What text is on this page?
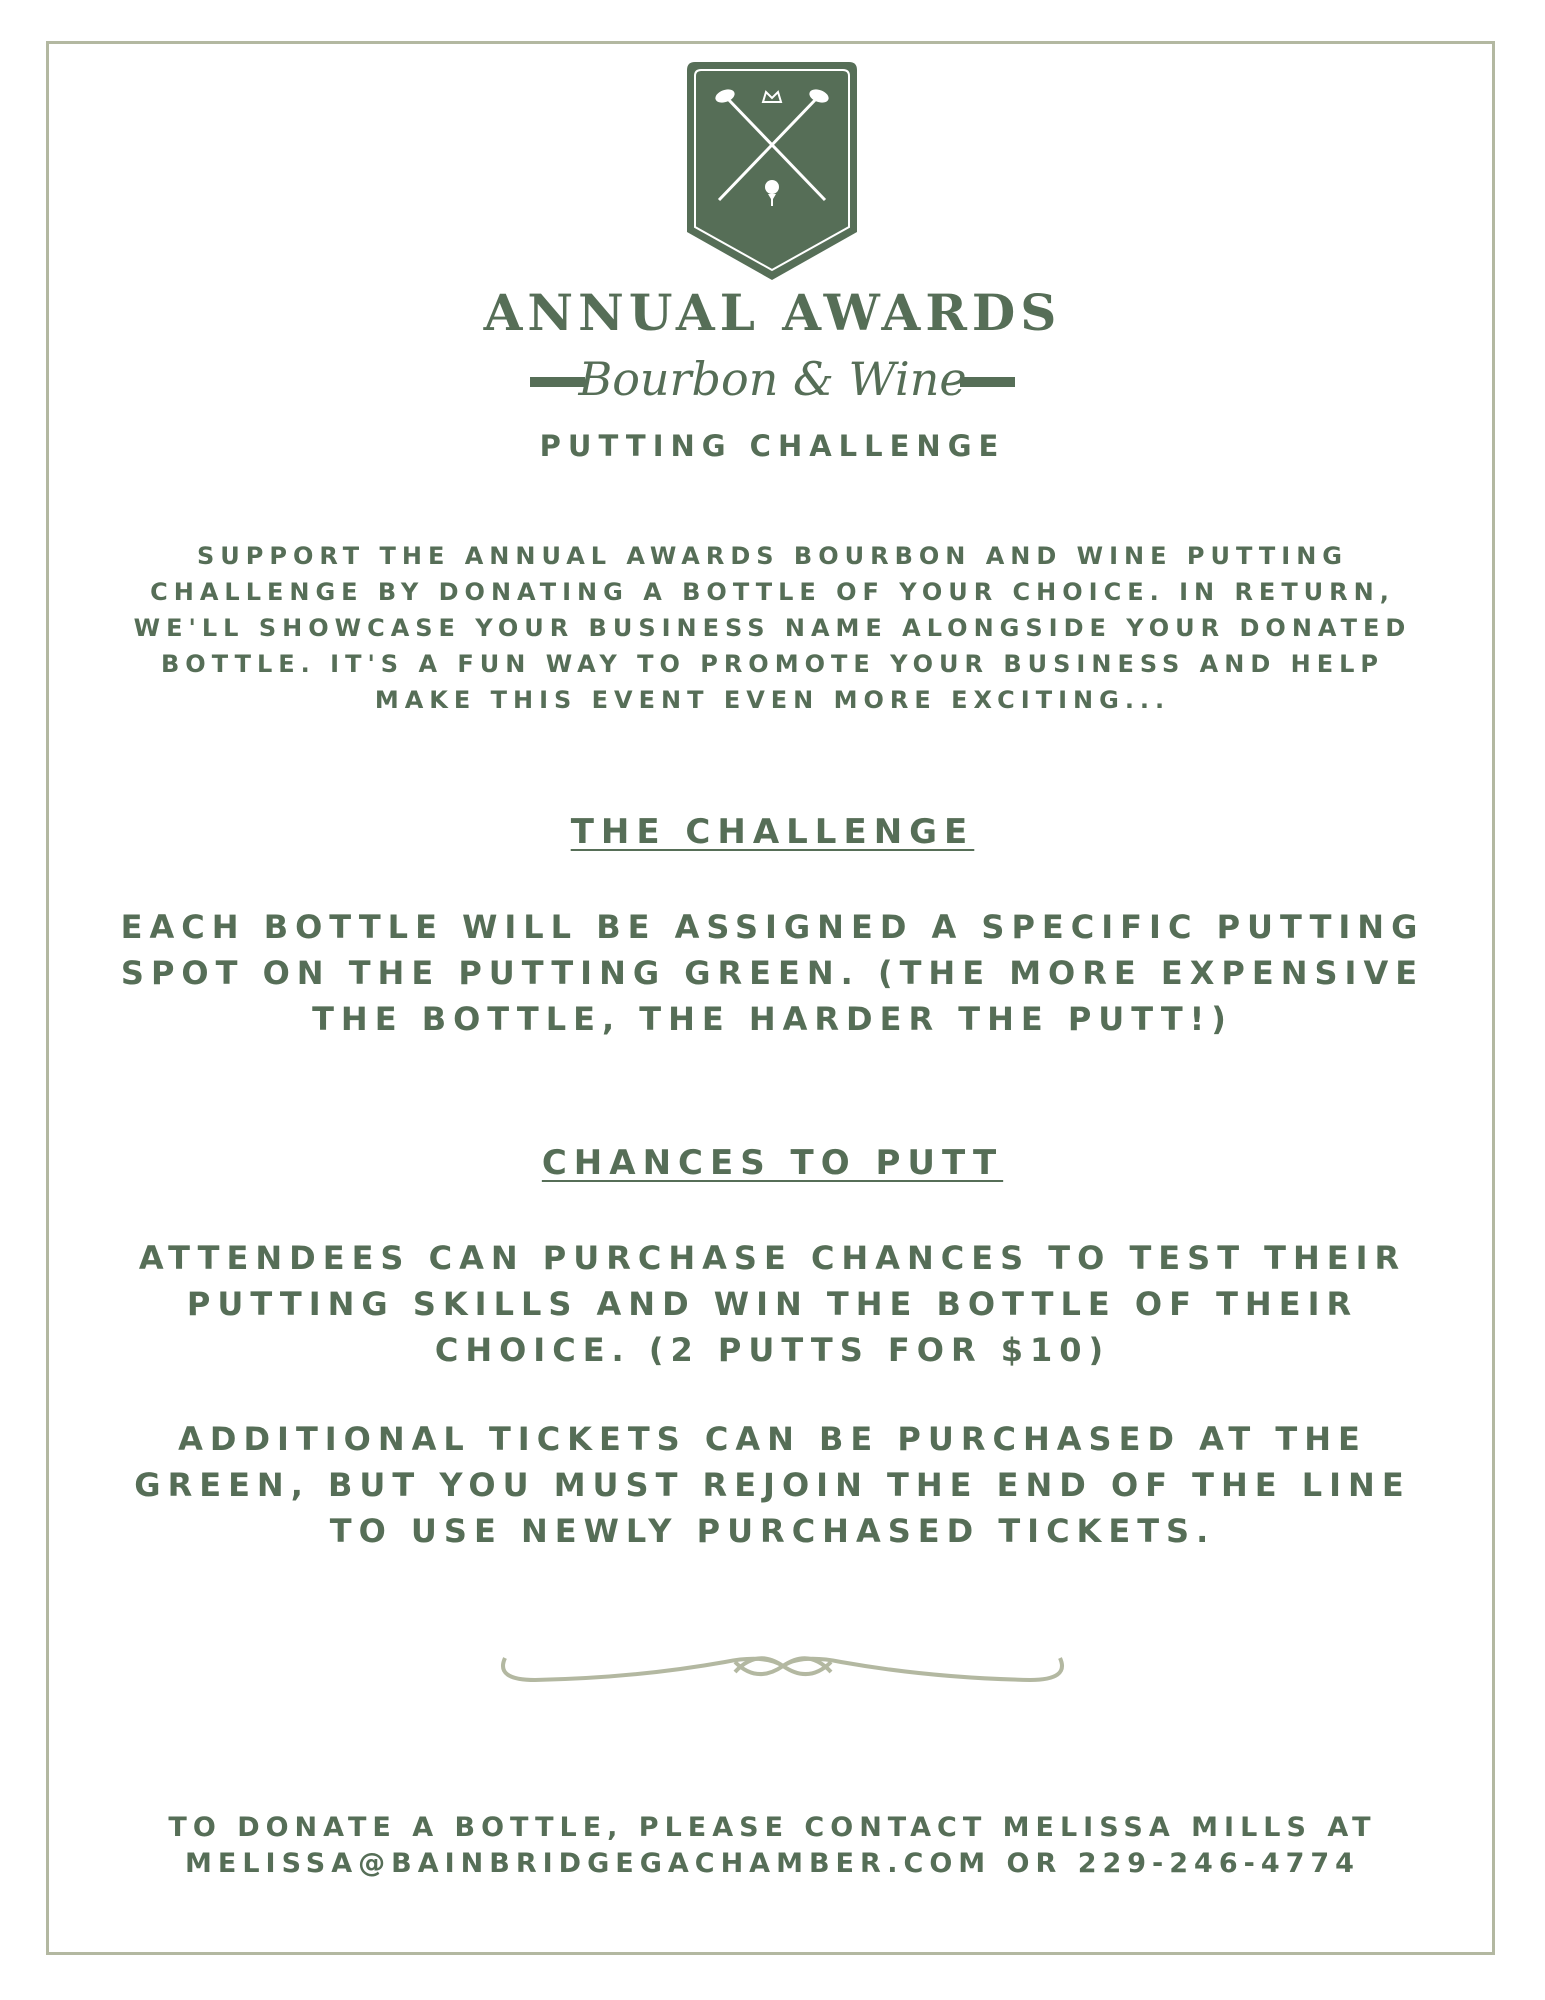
ANNUAL AWARDS
Bourbon & Wine
PUTTING CHALLENGE
SUPPORT THE ANNUAL AWARDS BOURBON AND WINE PUTTING CHALLENGE BY DONATING A BOTTLE OF YOUR CHOICE. IN RETURN, WE'LL SHOWCASE YOUR BUSINESS NAME ALONGSIDE YOUR DONATED BOTTLE. IT'S A FUN WAY TO PROMOTE YOUR BUSINESS AND HELP MAKE THIS EVENT EVEN MORE EXCITING...
THE CHALLENGE
EACH BOTTLE WILL BE ASSIGNED A SPECIFIC PUTTING SPOT ON THE PUTTING GREEN. (THE MORE EXPENSIVE THE BOTTLE, THE HARDER THE PUTT!)
CHANCES TO PUTT
ATTENDEES CAN PURCHASE CHANCES TO TEST THEIR PUTTING SKILLS AND WIN THE BOTTLE OF THEIR CHOICE. (2 PUTTS FOR $10)
ADDITIONAL TICKETS CAN BE PURCHASED AT THE GREEN, BUT YOU MUST REJOIN THE END OF THE LINE TO USE NEWLY PURCHASED TICKETS.
TO DONATE A BOTTLE, PLEASE CONTACT MELISSA MILLS AT
MELISSA@BAINBRIDGEGACHAMBER.COM OR 229-246-4774
